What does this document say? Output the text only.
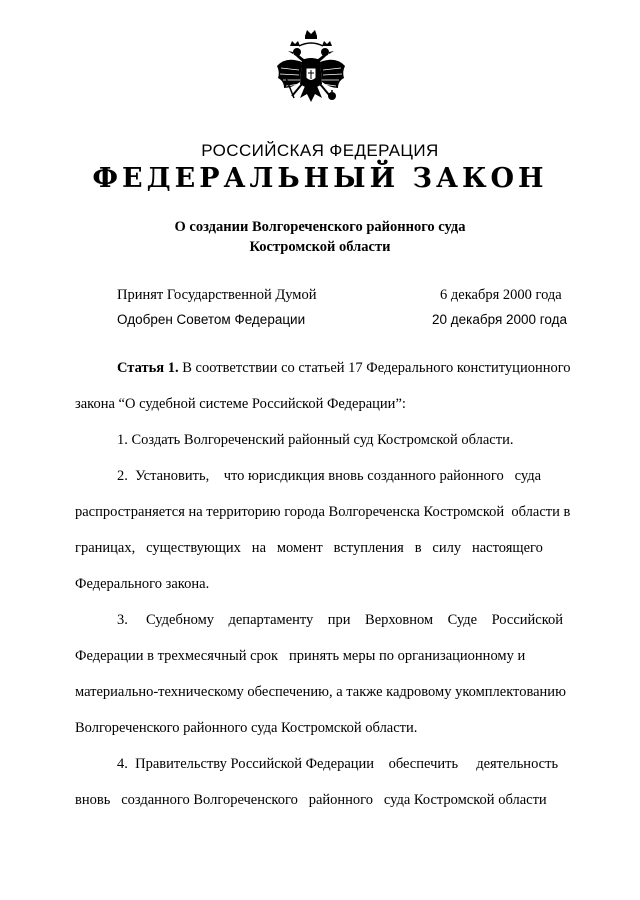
РОССИЙСКАЯ ФЕДЕРАЦИЯ
ФЕДЕРАЛЬНЫЙ ЗАКОН
О создании Волгореченского районного суда
Костромской области
Принят Государственной Думой	6 декабря 2000 года
Одобрен Советом Федерации	20 декабря 2000 года
Статья 1. В соответствии со статьей 17 Федерального конституционного
закона “О судебной системе Российской Федерации”:
1. Создать Волгореченский районный суд Костромской области.
2.  Установить,    что юрисдикция вновь созданного районного   суда
распространяется на территорию города Волгореченска Костромской  области в
границах,   существующих   на   момент   вступления   в   силу   настоящего
Федерального закона.
3.     Судебному    департаменту    при    Верховном    Суде    Российской
Федерации в трехмесячный срок   принять меры по организационному и
материально-техническому обеспечению, а также кадровому укомплектованию
Волгореченского районного суда Костромской области.
4.  Правительству Российской Федерации    обеспечить     деятельность
вновь   созданного Волгореченского   районного   суда Костромской области
